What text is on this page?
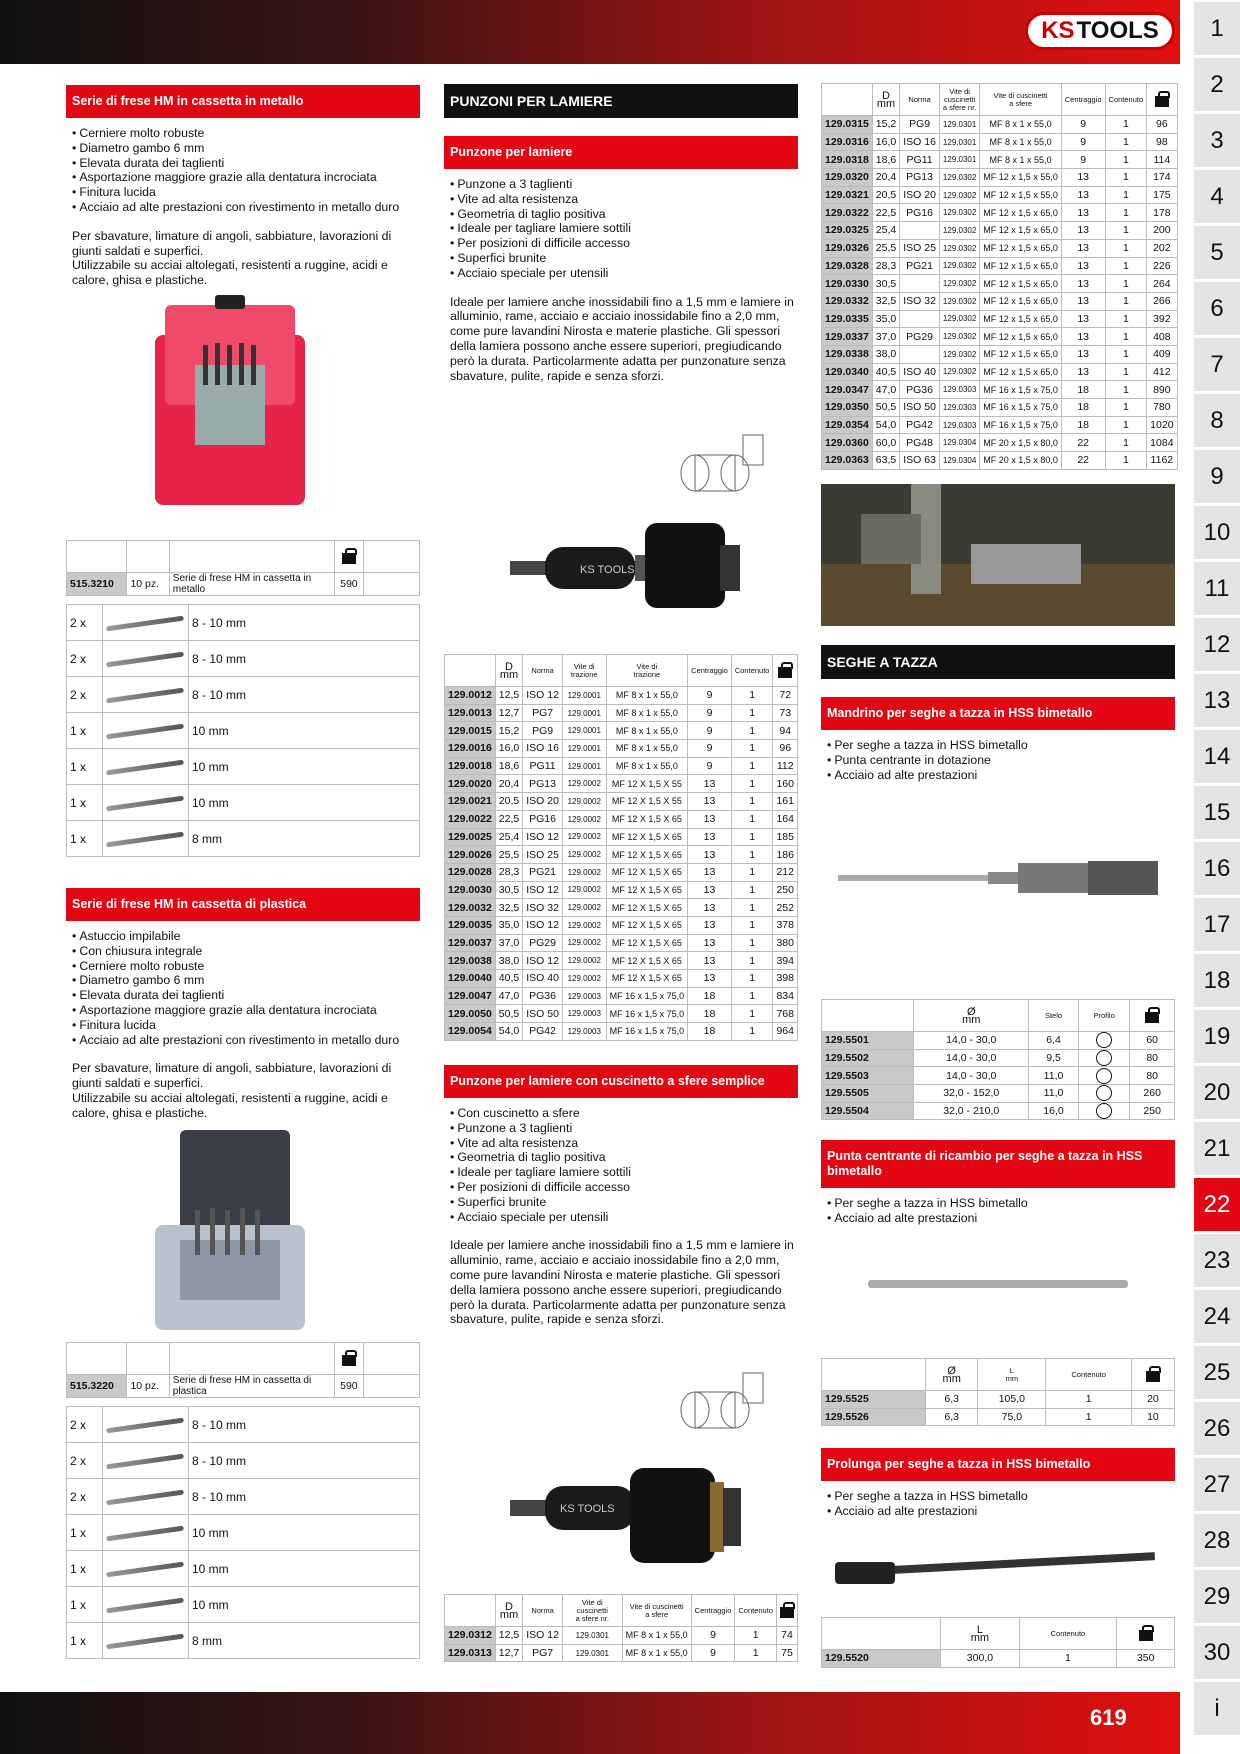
KS TOOLS
619
1
2
3
4
5
6
7
8
9
10
11
12
13
14
15
16
17
18
19
20
21
22
23
24
25
26
27
28
29
30
i
Serie di frese HM in cassetta in metallo
• Cerniere molto robuste
• Diametro gambo 6 mm
• Elevata durata dei taglienti
• Asportazione maggiore grazie alla dentatura incrociata
• Finitura lucida
• Acciaio ad alte prestazioni con rivestimento in metallo duro
Per sbavature, limature di angoli, sabbiature, lavorazioni di giunti saldati e superfici.
Utilizzabile su acciai altolegati, resistenti a ruggine, acidi e calore, ghisa e plastiche.

515.3210	10 pz.	Serie di frese HM in cassetta in metallo	590	
2 x		8 - 10 mm
2 x		8 - 10 mm
2 x		8 - 10 mm
1 x		10 mm
1 x		10 mm
1 x		10 mm
1 x		8 mm
Serie di frese HM in cassetta di plastica
• Astuccio impilabile
• Con chiusura integrale
• Cerniere molto robuste
• Diametro gambo 6 mm
• Elevata durata dei taglienti
• Asportazione maggiore grazie alla dentatura incrociata
• Finitura lucida
• Acciaio ad alte prestazioni con rivestimento in metallo duro
Per sbavature, limature di angoli, sabbiature, lavorazioni di giunti saldati e superfici.
Utilizzabile su acciai altolegati, resistenti a ruggine, acidi e calore, ghisa e plastiche.

515.3220	10 pz.	Serie di frese HM in cassetta di plastica	590	
2 x		8 - 10 mm
2 x		8 - 10 mm
2 x		8 - 10 mm
1 x		10 mm
1 x		10 mm
1 x		10 mm
1 x		8 mm
PUNZONI PER LAMIERE
Punzone per lamiere
• Punzone a 3 taglienti
• Vite ad alta resistenza
• Geometria di taglio positiva
• Ideale per tagliare lamiere sottili
• Per posizioni di difficile accesso
• Superfici brunite
• Acciaio speciale per utensili
Ideale per lamiere anche inossidabili fino a 1,5 mm e lamiere in alluminio, rame, acciaio e acciaio inossidabile fino a 2,0 mm, come pure lavandini Nirosta e materie plastiche. Gli spessori della lamiera possono anche essere superiori, pregiudicando però la durata. Particolarmente adatta per punzonature senza sbavature, pulite, rapide e senza sforzi.
KS TOOLS
	D
mm	Norma	Vite di trazione	Vite di
trazione	Centraggio	Contenuto	
129.0012	12,5	ISO 12	129.0001	MF 8 x 1 x 55,0	9	1	72
129.0013	12,7	PG7	129.0001	MF 8 x 1 x 55,0	9	1	73
129.0015	15,2	PG9	129.0001	MF 8 x 1 x 55,0	9	1	94
129.0016	16,0	ISO 16	129.0001	MF 8 x 1 x 55,0	9	1	96
129.0018	18,6	PG11	129.0001	MF 8 x 1 x 55,0	9	1	112
129.0020	20,4	PG13	129.0002	MF 12 X 1,5 X 55	13	1	160
129.0021	20,5	ISO 20	129.0002	MF 12 X 1,5 X 55	13	1	161
129.0022	22,5	PG16	129.0002	MF 12 X 1,5 X 65	13	1	164
129.0025	25,4	ISO 12	129.0002	MF 12 X 1,5 X 65	13	1	185
129.0026	25,5	ISO 25	129.0002	MF 12 X 1,5 X 65	13	1	186
129.0028	28,3	PG21	129.0002	MF 12 X 1,5 X 65	13	1	212
129.0030	30,5	ISO 12	129.0002	MF 12 X 1,5 X 65	13	1	250
129.0032	32,5	ISO 32	129.0002	MF 12 X 1,5 X 65	13	1	252
129.0035	35,0	ISO 12	129.0002	MF 12 X 1,5 X 65	13	1	378
129.0037	37,0	PG29	129.0002	MF 12 X 1,5 X 65	13	1	380
129.0038	38,0	ISO 12	129.0002	MF 12 X 1,5 X 65	13	1	394
129.0040	40,5	ISO 40	129.0002	MF 12 X 1,5 X 65	13	1	398
129.0047	47,0	PG36	129.0003	MF 16 x 1,5 x 75,0	18	1	834
129.0050	50,5	ISO 50	129.0003	MF 16 x 1,5 x 75,0	18	1	768
129.0054	54,0	PG42	129.0003	MF 16 x 1,5 x 75,0	18	1	964
Punzone per lamiere con cuscinetto a sfere semplice
• Con cuscinetto a sfere
• Punzone a 3 taglienti
• Vite ad alta resistenza
• Geometria di taglio positiva
• Ideale per tagliare lamiere sottili
• Per posizioni di difficile accesso
• Superfici brunite
• Acciaio speciale per utensili
Ideale per lamiere anche inossidabili fino a 1,5 mm e lamiere in alluminio, rame, acciaio e acciaio inossidabile fino a 2,0 mm, come pure lavandini Nirosta e materie plastiche. Gli spessori della lamiera possono anche essere superiori, pregiudicando però la durata. Particolarmente adatta per punzonature senza sbavature, pulite, rapide e senza sforzi.
KS TOOLS
	D
mm	Norma	Vite di cuscinetti
a sfere nr.	Vite di cuscinetti
a sfere	Centraggio	Contenuto	
129.0312	12,5	ISO 12	129.0301	MF 8 x 1 x 55,0	9	1	74
129.0313	12,7	PG7	129.0301	MF 8 x 1 x 55,0	9	1	75
	D
mm	Norma	Vite di cuscinetti
a sfere nr.	Vite di cuscinetti
a sfere	Centraggio	Contenuto	
129.0315	15,2	PG9	129.0301	MF 8 x 1 x 55,0	9	1	96
129.0316	16,0	ISO 16	129.0301	MF 8 x 1 x 55,0	9	1	98
129.0318	18,6	PG11	129.0301	MF 8 x 1 x 55,0	9	1	114
129.0320	20,4	PG13	129.0302	MF 12 x 1,5 x 55,0	13	1	174
129.0321	20,5	ISO 20	129.0302	MF 12 x 1,5 x 55,0	13	1	175
129.0322	22,5	PG16	129.0302	MF 12 x 1,5 x 65,0	13	1	178
129.0325	25,4		129.0302	MF 12 x 1,5 x 65,0	13	1	200
129.0326	25,5	ISO 25	129.0302	MF 12 x 1,5 x 65,0	13	1	202
129.0328	28,3	PG21	129.0302	MF 12 x 1,5 x 65,0	13	1	226
129.0330	30,5		129.0302	MF 12 x 1,5 x 65,0	13	1	264
129.0332	32,5	ISO 32	129.0302	MF 12 x 1,5 x 65,0	13	1	266
129.0335	35,0		129.0302	MF 12 x 1,5 x 65,0	13	1	392
129.0337	37,0	PG29	129.0302	MF 12 x 1,5 x 65,0	13	1	408
129.0338	38,0		129.0302	MF 12 x 1,5 x 65,0	13	1	409
129.0340	40,5	ISO 40	129.0302	MF 12 x 1,5 x 65,0	13	1	412
129.0347	47,0	PG36	129.0303	MF 16 x 1,5 x 75,0	18	1	890
129.0350	50,5	ISO 50	129.0303	MF 16 x 1,5 x 75,0	18	1	780
129.0354	54,0	PG42	129.0303	MF 16 x 1,5 x 75,0	18	1	1020
129.0360	60,0	PG48	129.0304	MF 20 x 1,5 x 80,0	22	1	1084
129.0363	63,5	ISO 63	129.0304	MF 20 x 1,5 x 80,0	22	1	1162
SEGHE A TAZZA
Mandrino per seghe a tazza in HSS bimetallo
• Per seghe a tazza in HSS bimetallo
• Punta centrante in dotazione
• Acciaio ad alte prestazioni
	Ø
mm	Stelo	Profilo	
129.5501	14,0 - 30,0	6,4		60
129.5502	14,0 - 30,0	9,5		80
129.5503	14,0 - 30,0	11,0		80
129.5505	32,0 - 152,0	11,0		260
129.5504	32,0 - 210,0	16,0		250
Punta centrante di ricambio per seghe a tazza in HSS bimetallo
• Per seghe a tazza in HSS bimetallo
• Acciaio ad alte prestazioni
	Ø
mm	L
mm	Contenuto	
129.5525	6,3	105,0	1	20
129.5526	6,3	75,0	1	10
Prolunga per seghe a tazza in HSS bimetallo
• Per seghe a tazza in HSS bimetallo
• Acciaio ad alte prestazioni
	L
mm	Contenuto	
129.5520	300,0	1	350
